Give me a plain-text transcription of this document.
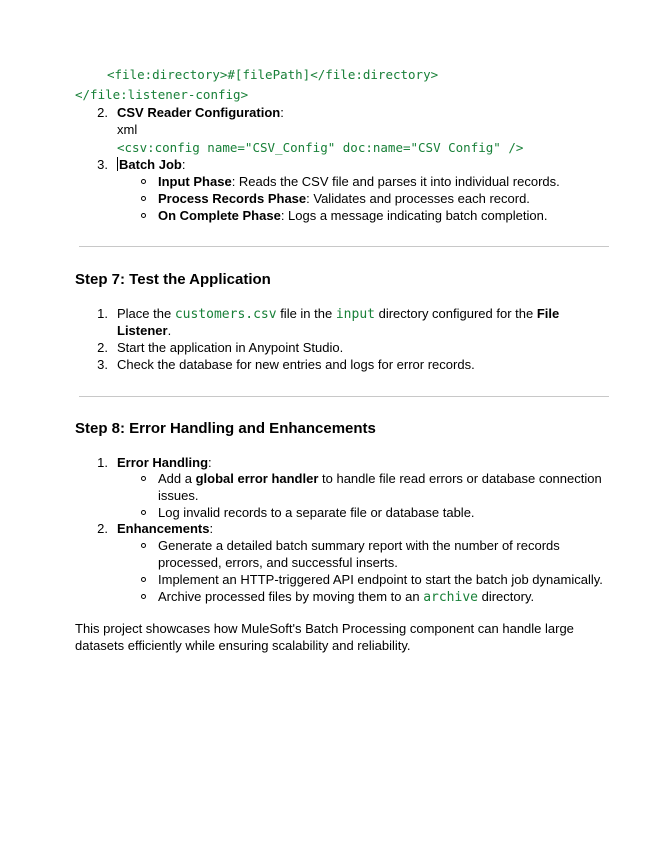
<file:directory>#[filePath]</file:directory>
</file:listener-config>
2. CSV Reader Configuration:
xml
<csv:config name="CSV_Config" doc:name="CSV Config" />
3. Batch Job:
Input Phase: Reads the CSV file and parses it into individual records.
Process Records Phase: Validates and processes each record.
On Complete Phase: Logs a message indicating batch completion.
Step 7: Test the Application
1. Place the customers.csv file in the input directory configured for the File
Listener.
2. Start the application in Anypoint Studio.
3. Check the database for new entries and logs for error records.
Step 8: Error Handling and Enhancements
1. Error Handling:
Add a global error handler to handle file read errors or database connection
issues.
Log invalid records to a separate file or database table.
2. Enhancements:
Generate a detailed batch summary report with the number of records
processed, errors, and successful inserts.
Implement an HTTP-triggered API endpoint to start the batch job dynamically.
Archive processed files by moving them to an archive directory.
This project showcases how MuleSoft's Batch Processing component can handle large
datasets efficiently while ensuring scalability and reliability.
